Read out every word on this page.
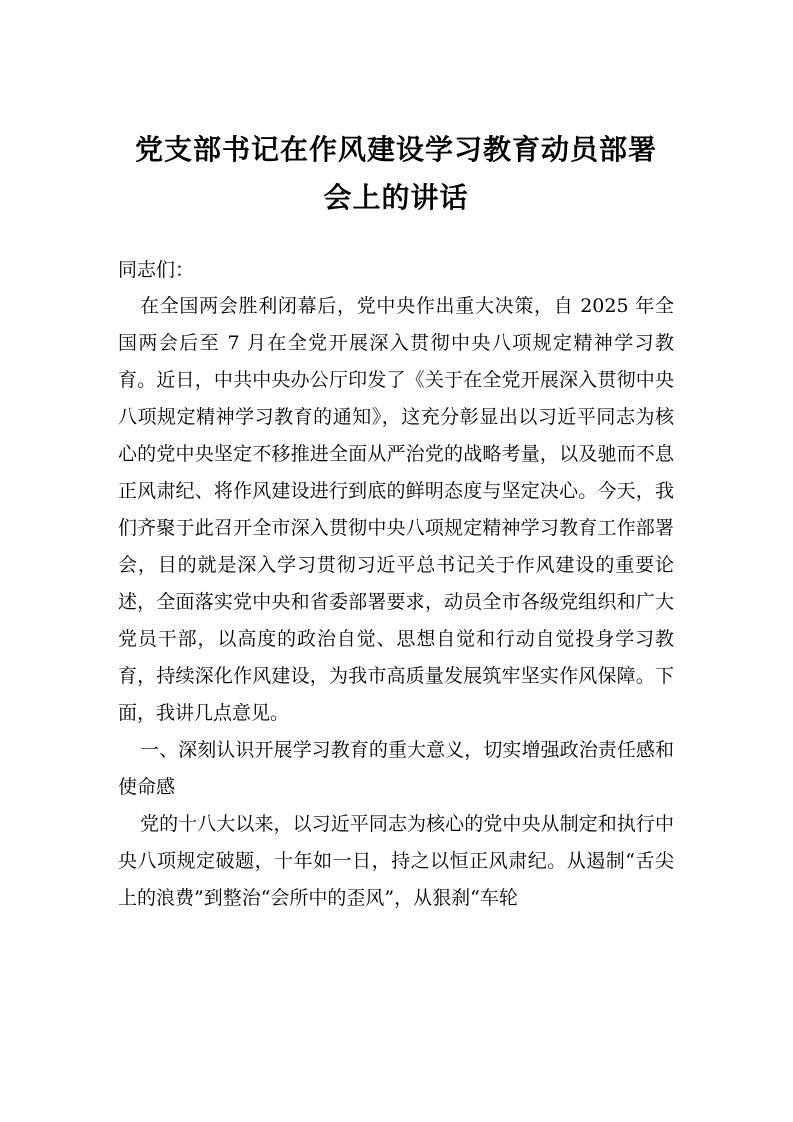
党支部书记在作风建设学习教育动员部署
会上的讲话

同志们：

在全国两会胜利闭幕后，党中央作出重大决策，自 2025 年全国两会后至 7 月在全党开展深入贯彻中央八项规定精神学习教育。近日，中共中央办公厅印发了《关于在全党开展深入贯彻中央八项规定精神学习教育的通知》，这充分彰显出以习近平同志为核心的党中央坚定不移推进全面从严治党的战略考量，以及驰而不息正风肃纪、将作风建设进行到底的鲜明态度与坚定决心。今天，我们齐聚于此召开全市深入贯彻中央八项规定精神学习教育工作部署会，目的就是深入学习贯彻习近平总书记关于作风建设的重要论述，全面落实党中央和省委部署要求，动员全市各级党组织和广大党员干部，以高度的政治自觉、思想自觉和行动自觉投身学习教育，持续深化作风建设，为我市高质量发展筑牢坚实作风保障。下面，我讲几点意见。

一、深刻认识开展学习教育的重大意义，切实增强政治责任感和使命感

党的十八大以来，以习近平同志为核心的党中央从制定和执行中央八项规定破题，十年如一日，持之以恒正风肃纪。从遏制“舌尖上的浪费”到整治“会所中的歪风”，从狠刹“车轮
